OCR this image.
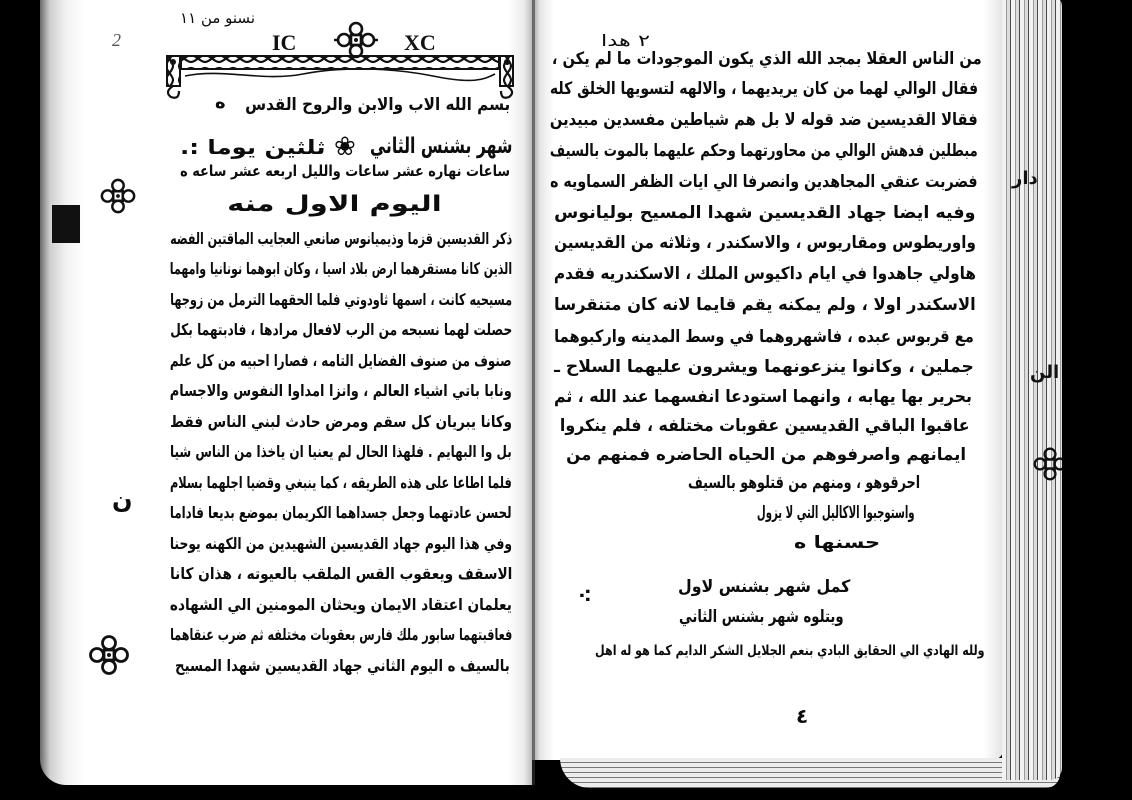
دار
الن
2
نسنو من ١١
IC	XC
بسم الله الاب والابن والروح القدس
ه
شهر بشنس الثاني
❀
ثلثين يوما :.
ساعات نهاره عشر ساعات والليل اربعه عشر ساعه ه
اليوم الاول منه
ذكر القديسين قزما وذيميانوس صانعي العجايب الماقتين الفضه
الذين كانا مستقرهما ارض بلاد اسيا ، وكان ابوهما نونانيا وامهما
مسيحيه كانت ، اسمها ثاودوتي فلما الحقهما الترمل من زوجها
حصلت لهما نسبحه من الرب لافعال مرادها ، فادبتهما بكل
صنوف من صنوف الفضايل التامه ، فصارا احبيه من كل علم
ونابا باتي اشياء العالم ، وانزا امداوا النفوس والاجسام
وكانا يبريان كل سقم ومرض حادث لبني الناس فقط
بل وا البهايم . فلهذا الحال لم يعنيا ان ياخذا من الناس شيا
فلما اطاعا على هذه الطريقه ، كما ينبغي وقضيا اجلهما بسلام
لحسن عادتهما وجعل جسداهما الكريمان بموضع بديعا فاداما
وفي هذا اليوم جهاد القديسين الشهيدين من الكهنه يوحنا
الاسقف ويعقوب القس الملقب بالعيوته ، هذان كانا
يعلمان اعتقاد الايمان ويحثان المومنين الي الشهاده
فعاقبتهما سابور ملك فارس بعقوبات مختلفه ثم ضرب عنقاهما
بالسيف ه اليوم الثاني جهاد القديسين شهدا المسيح
ن
٢ هدا
من الناس العقلا بمجد الله الذي يكون الموجودات ما لم يكن ،
فقال الوالي لهما من كان يريديهما ، والالهه لتسويها الخلق كله
فقالا القديسين ضد قوله لا بل هم شياطين مفسدين مبيدين
مبطلين فدهش الوالي من محاورتهما وحكم عليهما بالموت بالسيف
فضربت عنقي المجاهدين وانصرفا الي ايات الظفر السماويه ه
وفيه ايضا جهاد القديسين شهدا المسيح بوليانوس
واوريطوس ومقاريوس ، والاسكندر ، وثلاثه من القديسين
هاولي جاهدوا في ايام داكيوس الملك ، الاسكندريه فقدم
الاسكندر اولا ، ولم يمكنه يقم قايما لانه كان متنقرسا
مع قربوس عبده ، فاشهروهما في وسط المدينه واركبوهما
جملين ، وكانوا ينزعونهما ويشرون عليهما السلاح ـ
بحرير بها يهابه ، وانهما استودعا انفسهما عند الله ، ثم
عاقبوا الباقي القديسين عقوبات مختلفه ، فلم ينكروا
ايمانهم واصرفوهم من الحياه الحاضره فمنهم من
احرقوهو ، ومنهم من قتلوهو بالسيف
واستوجبوا الاكاليل التي لا يزول
حسنها ه
كمل شهر بشنس لاول
ويتلوه شهر بشنس الثاني
⁖
ولله الهادي الي الحقايق البادي بنعم الجلايل الشكر الدايم كما هو له اهل
٤
